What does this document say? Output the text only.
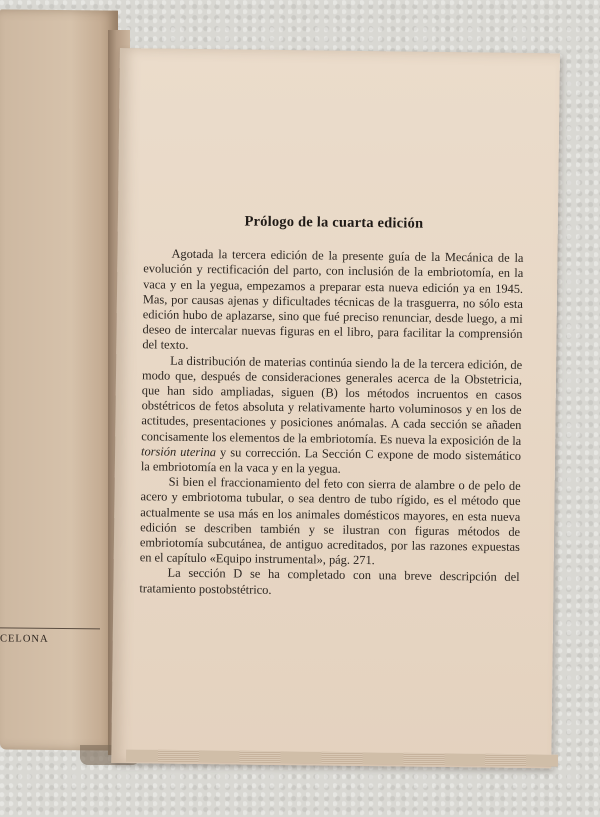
CELONA
Prólogo de la cuarta edición

Agotada la tercera edición de la presente guía de la Mecánica de la evolución y rectificación del parto, con inclusión de la embriotomía, en la vaca y en la yegua, empezamos a preparar esta nueva edición ya en 1945. Mas, por causas ajenas y dificultades técnicas de la trasguerra, no sólo esta edición hubo de aplazarse, sino que fué preciso renunciar, desde luego, a mi deseo de intercalar nuevas figuras en el libro, para facilitar la comprensión del texto.

La distribución de materias continúa siendo la de la tercera edición, de modo que, después de consideraciones generales acerca de la Obstetricia, que han sido ampliadas, siguen (B) los métodos incruentos en casos obstétricos de fetos absoluta y relativamente harto voluminosos y en los de actitudes, presentaciones y posiciones anómalas. A cada sección se añaden concisamente los elementos de la embriotomía. Es nueva la exposición de la torsión uterina y su corrección. La Sección C expone de modo sistemático la embriotomía en la vaca y en la yegua.

Si bien el fraccionamiento del feto con sierra de alambre o de pelo de acero y embriotoma tubular, o sea dentro de tubo rígido, es el método que actualmente se usa más en los animales domésticos mayores, en esta nueva edición se describen también y se ilustran con figuras métodos de embriotomía subcutánea, de antiguo acreditados, por las razones expuestas en el capítulo «Equipo instrumental», pág. 271.

La sección D se ha completado con una breve descripción del tratamiento postobstétrico.
